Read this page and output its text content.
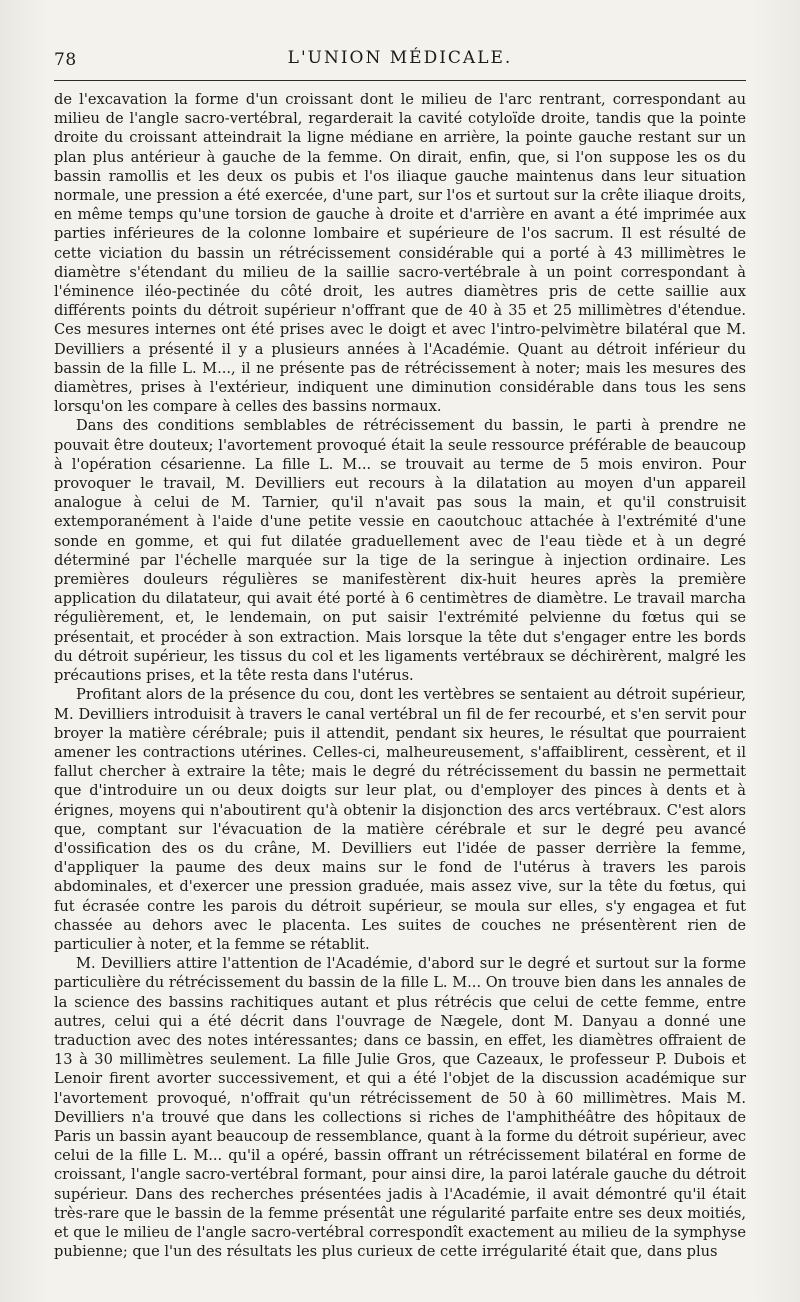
78	L'UNION MÉDICALE.

de l'excavation la forme d'un croissant dont le milieu de l'arc rentrant, correspondant au milieu de l'angle sacro-vertébral, regarderait la cavité cotyloïde droite, tandis que la pointe droite du croissant atteindrait la ligne médiane en arrière, la pointe gauche restant sur un plan plus antérieur à gauche de la femme. On dirait, enfin, que, si l'on suppose les os du bassin ramollis et les deux os pubis et l'os iliaque gauche maintenus dans leur situation normale, une pression a été exercée, d'une part, sur l'os et surtout sur la crête iliaque droits, en même temps qu'une torsion de gauche à droite et d'arrière en avant a été imprimée aux parties inférieures de la colonne lombaire et supérieure de l'os sacrum. Il est résulté de cette viciation du bassin un rétrécissement considérable qui a porté à 43 millimètres le diamètre s'étendant du milieu de la saillie sacro-vertébrale à un point correspondant à l'éminence iléo-pectinée du côté droit, les autres diamètres pris de cette saillie aux différents points du détroit supérieur n'offrant que de 40 à 35 et 25 millimètres d'étendue. Ces mesures internes ont été prises avec le doigt et avec l'intro-pelvimètre bilatéral que M. Devilliers a présenté il y a plusieurs années à l'Académie. Quant au détroit inférieur du bassin de la fille L. M..., il ne présente pas de rétrécissement à noter; mais les mesures des diamètres, prises à l'extérieur, indiquent une diminution considérable dans tous les sens lorsqu'on les compare à celles des bassins normaux.

Dans des conditions semblables de rétrécissement du bassin, le parti à prendre ne pouvait être douteux; l'avortement provoqué était la seule ressource préférable de beaucoup à l'opération césarienne. La fille L. M... se trouvait au terme de 5 mois environ. Pour provoquer le travail, M. Devilliers eut recours à la dilatation au moyen d'un appareil analogue à celui de M. Tarnier, qu'il n'avait pas sous la main, et qu'il construisit extemporanément à l'aide d'une petite vessie en caoutchouc attachée à l'extrémité d'une sonde en gomme, et qui fut dilatée graduellement avec de l'eau tiède et à un degré déterminé par l'échelle marquée sur la tige de la seringue à injection ordinaire. Les premières douleurs régulières se manifestèrent dix-huit heures après la première application du dilatateur, qui avait été porté à 6 centimètres de diamètre. Le travail marcha régulièrement, et, le lendemain, on put saisir l'extrémité pelvienne du fœtus qui se présentait, et procéder à son extraction. Mais lorsque la tête dut s'engager entre les bords du détroit supérieur, les tissus du col et les ligaments vertébraux se déchirèrent, malgré les précautions prises, et la tête resta dans l'utérus.

Profitant alors de la présence du cou, dont les vertèbres se sentaient au détroit supérieur, M. Devilliers introduisit à travers le canal vertébral un fil de fer recourbé, et s'en servit pour broyer la matière cérébrale; puis il attendit, pendant six heures, le résultat que pourraient amener les contractions utérines. Celles-ci, malheureusement, s'affaiblirent, cessèrent, et il fallut chercher à extraire la tête; mais le degré du rétrécissement du bassin ne permettait que d'introduire un ou deux doigts sur leur plat, ou d'employer des pinces à dents et à érignes, moyens qui n'aboutirent qu'à obtenir la disjonction des arcs vertébraux. C'est alors que, comptant sur l'évacuation de la matière cérébrale et sur le degré peu avancé d'ossification des os du crâne, M. Devilliers eut l'idée de passer derrière la femme, d'appliquer la paume des deux mains sur le fond de l'utérus à travers les parois abdominales, et d'exercer une pression graduée, mais assez vive, sur la tête du fœtus, qui fut écrasée contre les parois du détroit supérieur, se moula sur elles, s'y engagea et fut chassée au dehors avec le placenta. Les suites de couches ne présentèrent rien de particulier à noter, et la femme se rétablit.

M. Devilliers attire l'attention de l'Académie, d'abord sur le degré et surtout sur la forme particulière du rétrécissement du bassin de la fille L. M... On trouve bien dans les annales de la science des bassins rachitiques autant et plus rétrécis que celui de cette femme, entre autres, celui qui a été décrit dans l'ouvrage de Nægele, dont M. Danyau a donné une traduction avec des notes intéressantes; dans ce bassin, en effet, les diamètres offraient de 13 à 30 millimètres seulement. La fille Julie Gros, que Cazeaux, le professeur P. Dubois et Lenoir firent avorter successivement, et qui a été l'objet de la discussion académique sur l'avortement provoqué, n'offrait qu'un rétrécissement de 50 à 60 millimètres. Mais M. Devilliers n'a trouvé que dans les collections si riches de l'amphithéâtre des hôpitaux de Paris un bassin ayant beaucoup de ressemblance, quant à la forme du détroit supérieur, avec celui de la fille L. M... qu'il a opéré, bassin offrant un rétrécissement bilatéral en forme de croissant, l'angle sacro-vertébral formant, pour ainsi dire, la paroi latérale gauche du détroit supérieur. Dans des recherches présentées jadis à l'Académie, il avait démontré qu'il était très-rare que le bassin de la femme présentât une régularité parfaite entre ses deux moitiés, et que le milieu de l'angle sacro-vertébral correspondît exactement au milieu de la symphyse pubienne; que l'un des résultats les plus curieux de cette irrégularité était que, dans plus
